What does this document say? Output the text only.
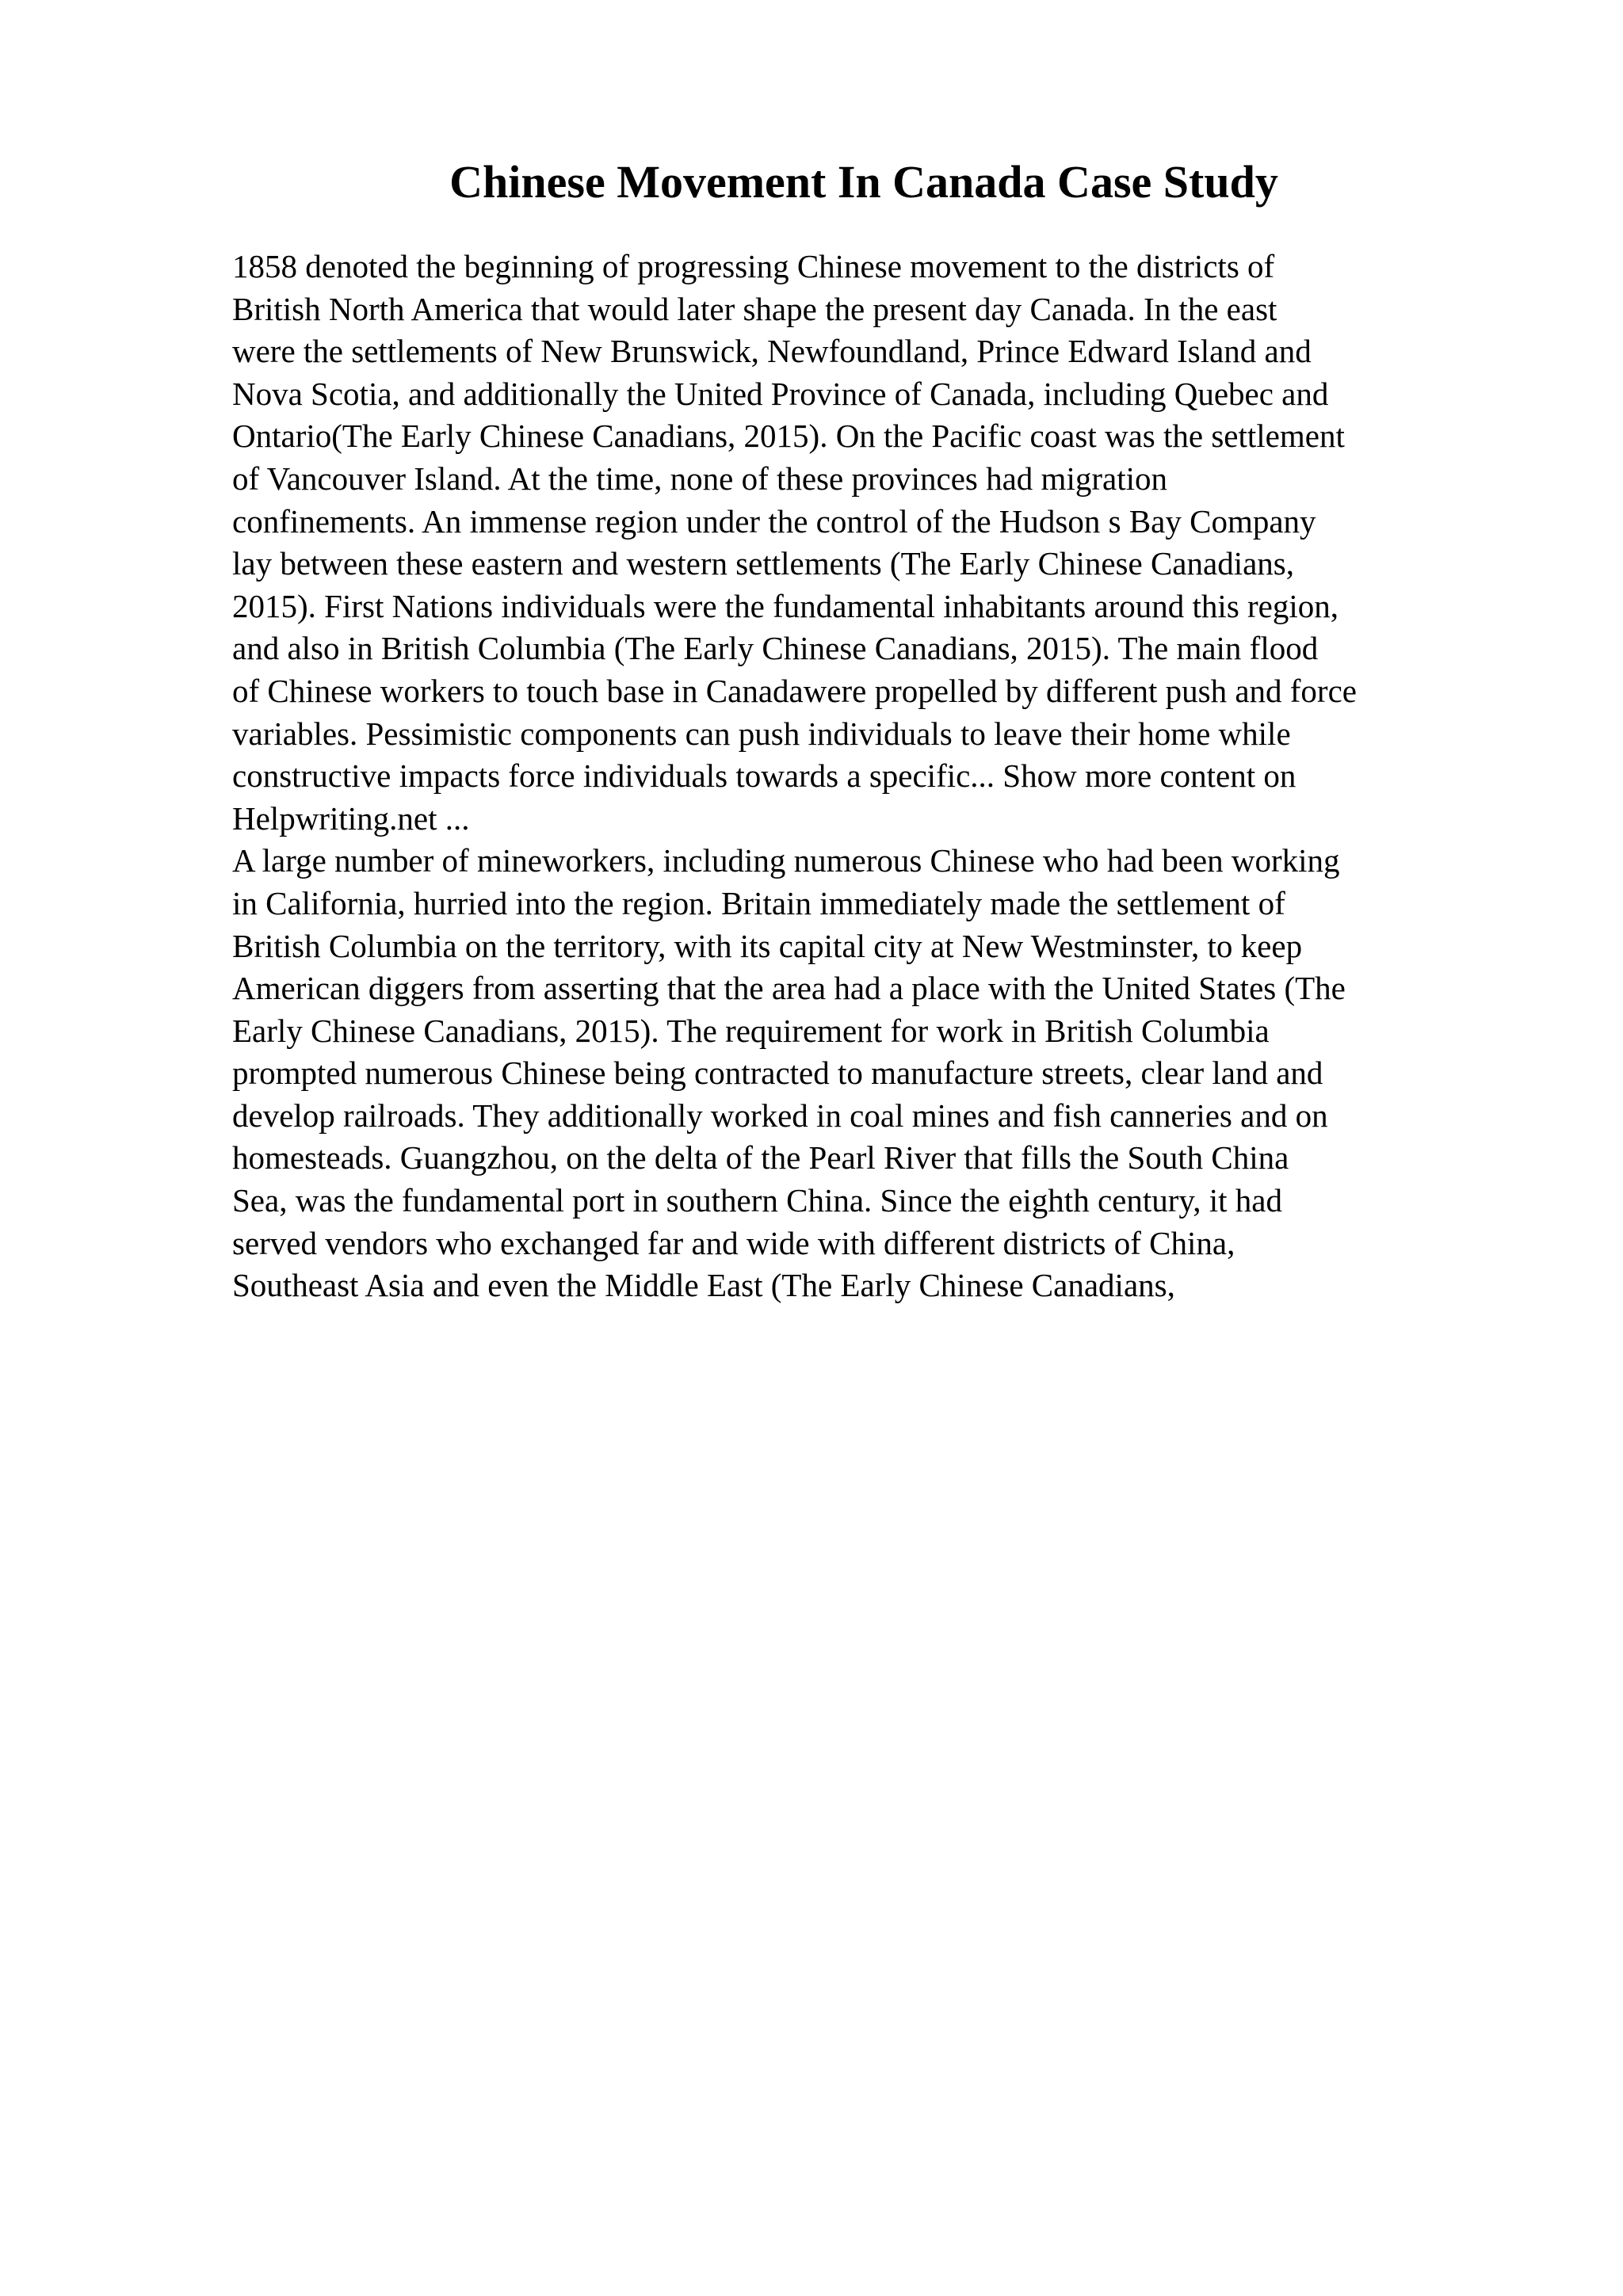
Chinese Movement In Canada Case Study
1858 denoted the beginning of progressing Chinese movement to the districts of
British North America that would later shape the present day Canada. In the east
were the settlements of New Brunswick, Newfoundland, Prince Edward Island and
Nova Scotia, and additionally the United Province of Canada, including Quebec and
Ontario(The Early Chinese Canadians, 2015). On the Pacific coast was the settlement
of Vancouver Island. At the time, none of these provinces had migration
confinements. An immense region under the control of the Hudson s Bay Company
lay between these eastern and western settlements (The Early Chinese Canadians,
2015). First Nations individuals were the fundamental inhabitants around this region,
and also in British Columbia (The Early Chinese Canadians, 2015). The main flood
of Chinese workers to touch base in Canadawere propelled by different push and force
variables. Pessimistic components can push individuals to leave their home while
constructive impacts force individuals towards a specific... Show more content on
Helpwriting.net ...
A large number of mineworkers, including numerous Chinese who had been working
in California, hurried into the region. Britain immediately made the settlement of
British Columbia on the territory, with its capital city at New Westminster, to keep
American diggers from asserting that the area had a place with the United States (The
Early Chinese Canadians, 2015). The requirement for work in British Columbia
prompted numerous Chinese being contracted to manufacture streets, clear land and
develop railroads. They additionally worked in coal mines and fish canneries and on
homesteads. Guangzhou, on the delta of the Pearl River that fills the South China
Sea, was the fundamental port in southern China. Since the eighth century, it had
served vendors who exchanged far and wide with different districts of China,
Southeast Asia and even the Middle East (The Early Chinese Canadians,
